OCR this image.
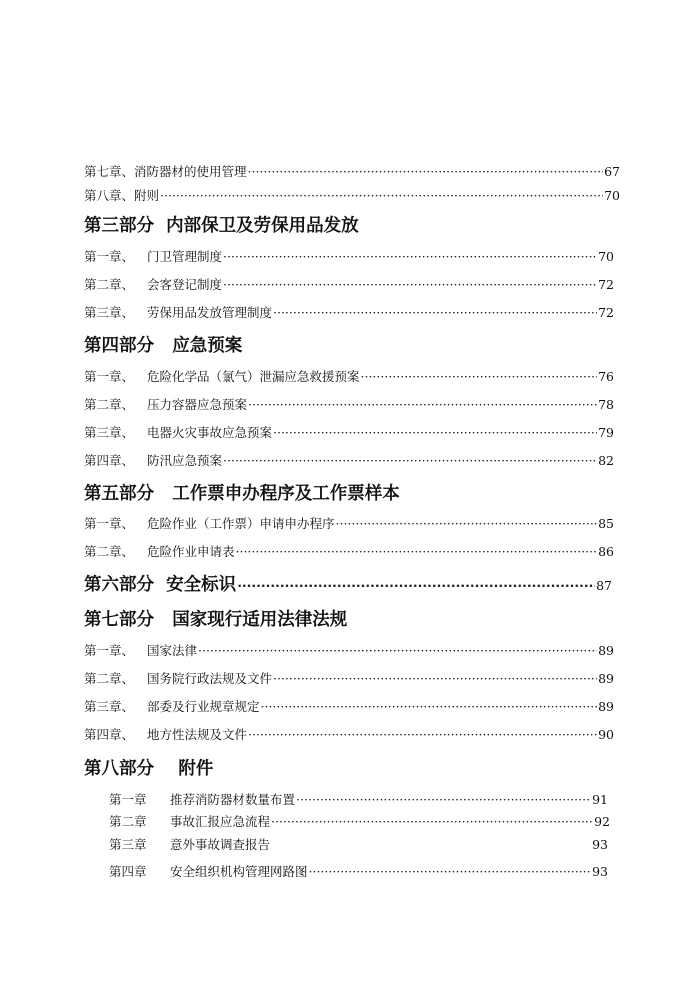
第七章、消防器材的使用管理 ·····	67
第八章、附则 ·····	70
第三部分  内部保卫及劳保用品发放
第一章、	门卫管理制度 ·····	70
第二章、	会客登记制度 ·····	72
第三章、	劳保用品发放管理制度 ·····	72
第四部分   应急预案
第一章、	危险化学品（氯气）泄漏应急救援预案 ·····	76
第二章、	压力容器应急预案 ·····	78
第三章、	电器火灾事故应急预案 ·····	79
第四章、	防汛应急预案 ·····	82
第五部分   工作票申办程序及工作票样本
第一章、	危险作业（工作票）申请申办程序 ·····	85
第二章、	危险作业申请表 ·····	86
第六部分  安全标识 ·····	87
第七部分   国家现行适用法律法规
第一章、	国家法律 ·····	89
第二章、	国务院行政法规及文件 ·····	89
第三章、	部委及行业规章规定 ·····	89
第四章、	地方性法规及文件 ·····	90
第八部分    附件
第一章	推荐消防器材数量布置 ·····	91
第二章	事故汇报应急流程 ·····	92
第三章	意外事故调查报告	93
第四章	安全组织机构管理网路图 ·····	93
